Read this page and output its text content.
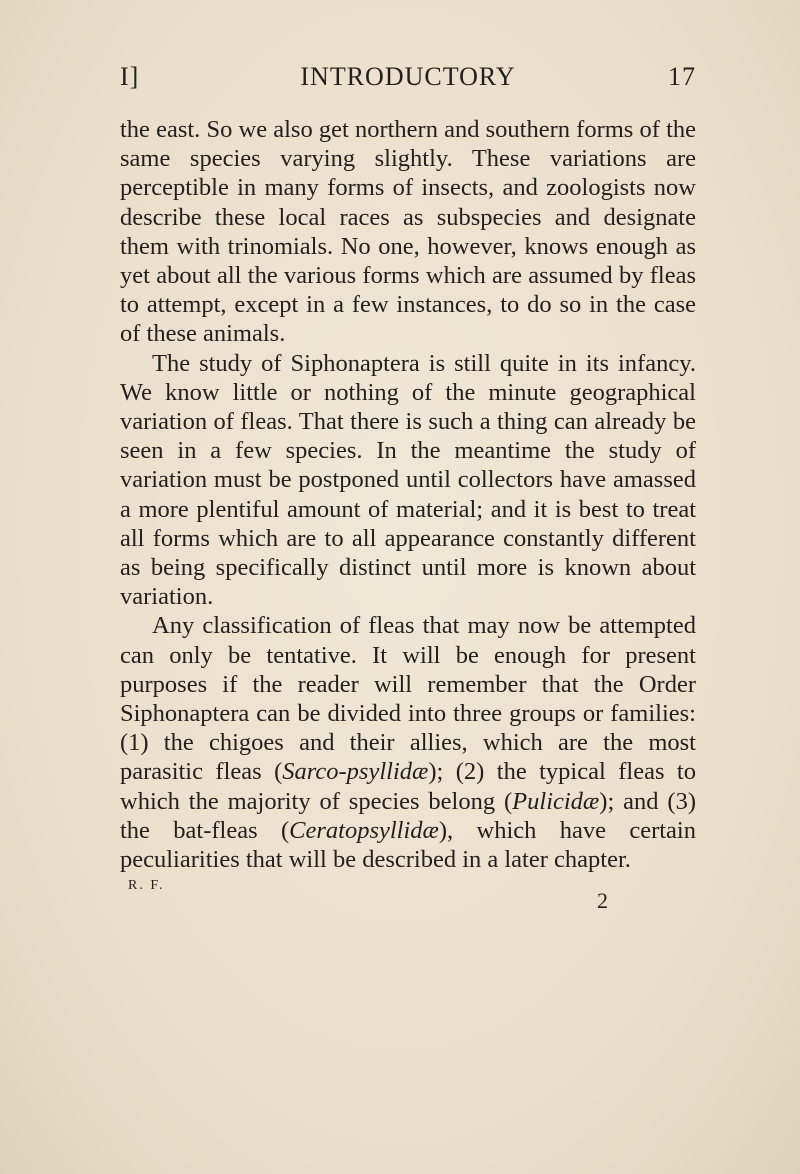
I]	INTRODUCTORY	17

the east. So we also get northern and southern forms of the same species varying slightly. These variations are perceptible in many forms of insects, and zoologists now describe these local races as subspecies and designate them with trinomials. No one, however, knows enough as yet about all the various forms which are assumed by fleas to attempt, except in a few instances, to do so in the case of these animals.

The study of Siphonaptera is still quite in its infancy. We know little or nothing of the minute geographical variation of fleas. That there is such a thing can already be seen in a few species. In the meantime the study of variation must be postponed until collectors have amassed a more plentiful amount of material; and it is best to treat all forms which are to all appearance constantly different as being specifically distinct until more is known about variation.

Any classification of fleas that may now be attempted can only be tentative. It will be enough for present purposes if the reader will remember that the Order Siphonaptera can be divided into three groups or families: (1) the chigoes and their allies, which are the most parasitic fleas (Sarco-psyllidæ); (2) the typical fleas to which the majority of species belong (Pulicidæ); and (3) the bat-fleas (Ceratopsyllidæ), which have certain peculiarities that will be described in a later chapter.

R. F.
2
